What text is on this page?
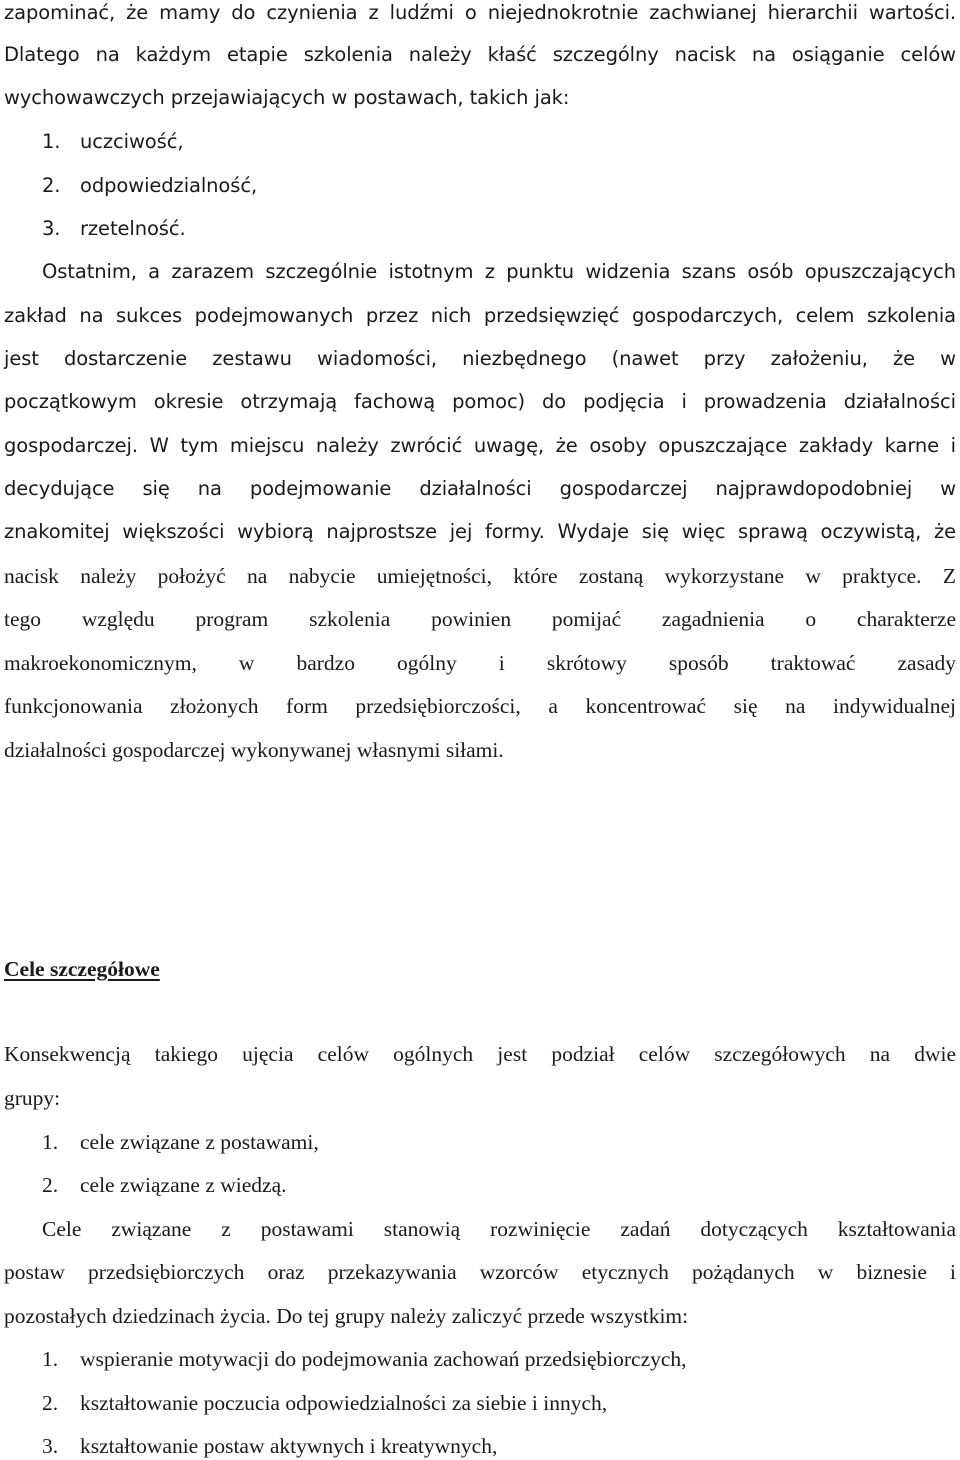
zapominać, że mamy do czynienia z ludźmi o niejednokrotnie zachwianej hierarchii wartości.
Dlatego na każdym etapie szkolenia należy kłaść szczególny nacisk na osiąganie celów
wychowawczych przejawiających w postawach, takich jak:
1. uczciwość,
2. odpowiedzialność,
3. rzetelność.
Ostatnim, a zarazem szczególnie istotnym z punktu widzenia szans osób opuszczających
zakład na sukces podejmowanych przez nich przedsięwzięć gospodarczych, celem szkolenia
jest dostarczenie zestawu wiadomości, niezbędnego (nawet przy założeniu, że w
początkowym okresie otrzymają fachową pomoc) do podjęcia i prowadzenia działalności
gospodarczej. W tym miejscu należy zwrócić uwagę, że osoby opuszczające zakłady karne i
decydujące się na podejmowanie działalności gospodarczej najprawdopodobniej w
znakomitej większości wybiorą najprostsze jej formy. Wydaje się więc sprawą oczywistą, że
nacisk należy położyć na nabycie umiejętności, które zostaną wykorzystane w praktyce. Z
tego względu program szkolenia powinien pomijać zagadnienia o charakterze
makroekonomicznym, w bardzo ogólny i skrótowy sposób traktować zasady
funkcjonowania złożonych form przedsiębiorczości, a koncentrować się na indywidualnej
działalności gospodarczej wykonywanej własnymi siłami.
Cele szczegółowe
Konsekwencją takiego ujęcia celów ogólnych jest podział celów szczegółowych na dwie
grupy:
1. cele związane z postawami,
2. cele związane z wiedzą.
Cele związane z postawami stanowią rozwinięcie zadań dotyczących kształtowania
postaw przedsiębiorczych oraz przekazywania wzorców etycznych pożądanych w biznesie i
pozostałych dziedzinach życia. Do tej grupy należy zaliczyć przede wszystkim:
1. wspieranie motywacji do podejmowania zachowań przedsiębiorczych,
2. kształtowanie poczucia odpowiedzialności za siebie i innych,
3. kształtowanie postaw aktywnych i kreatywnych,
